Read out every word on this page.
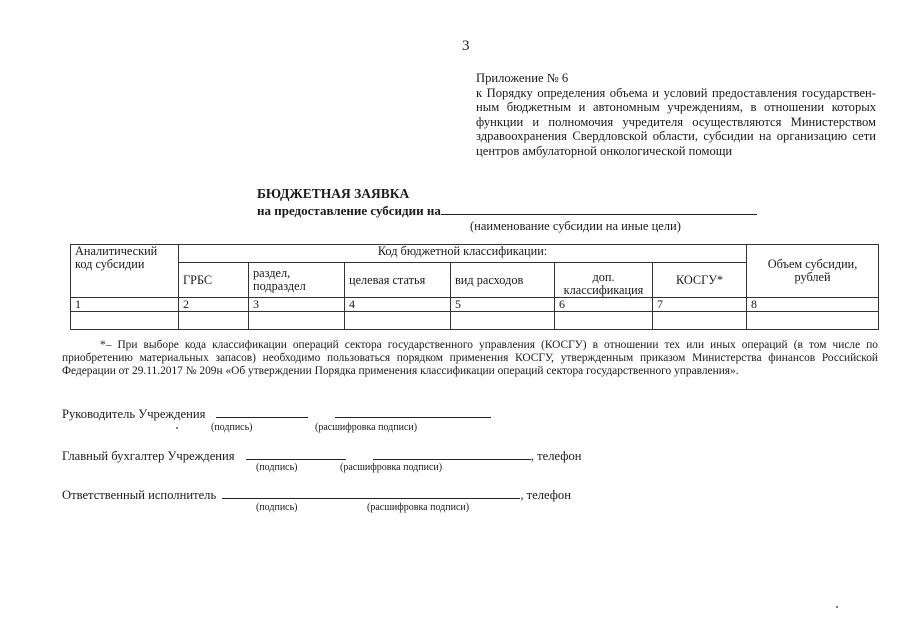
3
Приложение № 6
к Порядку определения объема и условий предоставления государствен-
ным бюджетным и автономным учреждениям, в отношении которых
функции и полномочия учредителя осуществляются Министерством
здравоохранения Свердловской области, субсидии на организацию сети
центров амбулаторной онкологической помощи
БЮДЖЕТНАЯ ЗАЯВКА
на предоставление субсидии на
(наименование субсидии на иные цели)
Аналитический код субсидии	Код бюджетной классификации:						Объем субсидии, рублей
	ГРБС	раздел, подраздел	целевая статья	вид расходов	доп. классификация	КОСГУ*	
1	2	3	4	5	6	7	8

*– При выборе кода классификации операций сектора государственного управления (КОСГУ) в отношении тех или иных операций (в том числе по
приобретению материальных запасов) необходимо пользоваться порядком применения КОСГУ, утвержденным приказом Министерства финансов Российской
Федерации от 29.11.2017 № 209н «Об утверждении Порядка применения классификации операций сектора государственного управления».
Руководитель Учреждения
(подпись)	(расшифровка подписи)
Главный бухгалтер Учреждения	, телефон
(подпись)	(расшифровка подписи)
Ответственный исполнитель	, телефон
(подпись)	(расшифровка подписи)
